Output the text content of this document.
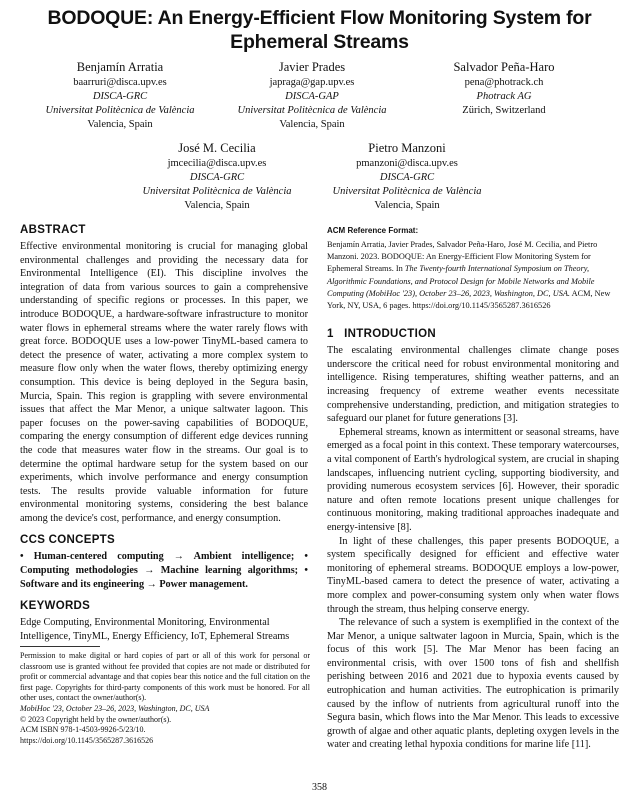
BODOQUE: An Energy-Efficient Flow Monitoring System for Ephemeral Streams
Benjamín Arratia
baarruri@disca.upv.es
DISCA-GRC
Universitat Politècnica de València
Valencia, Spain
Javier Prades
japraga@gap.upv.es
DISCA-GAP
Universitat Politècnica de València
Valencia, Spain
Salvador Peña-Haro
pena@photrack.ch
Photrack AG
Zürich, Switzerland
José M. Cecilia
jmcecilia@disca.upv.es
DISCA-GRC
Universitat Politècnica de València
Valencia, Spain
Pietro Manzoni
pmanzoni@disca.upv.es
DISCA-GRC
Universitat Politècnica de València
Valencia, Spain
ABSTRACT

Effective environmental monitoring is crucial for managing global environmental challenges and providing the necessary data for Environmental Intelligence (EI). This discipline involves the integration of data from various sources to gain a comprehensive understanding of specific regions or processes. In this paper, we introduce BODOQUE, a hardware-software infrastructure to monitor water flows in ephemeral streams where the water rarely flows with great force. BODOQUE uses a low-power TinyML-based camera to detect the presence of water, activating a more complex system to measure flow only when the water flows, thereby optimizing energy consumption. This device is being deployed in the Segura basin, Murcia, Spain. This region is grappling with severe environmental issues that affect the Mar Menor, a unique saltwater lagoon. This paper focuses on the power-saving capabilities of BODOQUE, comparing the energy consumption of different edge devices running the code that measures water flow in the streams. Our goal is to determine the optimal hardware setup for the system based on our experiments, which involve performance and energy consumption tests. The results provide valuable information for future environmental monitoring systems, considering the best balance among the device's cost, performance, and energy consumption.

CCS CONCEPTS

• Human-centered computing → Ambient intelligence; • Computing methodologies → Machine learning algorithms; • Software and its engineering → Power management.

KEYWORDS

Edge Computing, Environmental Monitoring, Environmental Intelligence, TinyML, Energy Efficiency, IoT, Ephemeral Streams

Permission to make digital or hard copies of part or all of this work for personal or classroom use is granted without fee provided that copies are not made or distributed for profit or commercial advantage and that copies bear this notice and the full citation on the first page. Copyrights for third-party components of this work must be honored. For all other uses, contact the owner/author(s).
MobiHoc '23, October 23–26, 2023, Washington, DC, USA
© 2023 Copyright held by the owner/author(s).
ACM ISBN 978-1-4503-9926-5/23/10.
https://doi.org/10.1145/3565287.3616526
ACM Reference Format:
Benjamín Arratia, Javier Prades, Salvador Peña-Haro, José M. Cecilia, and Pietro Manzoni. 2023. BODOQUE: An Energy-Efficient Flow Monitoring System for Ephemeral Streams. In The Twenty-fourth International Symposium on Theory, Algorithmic Foundations, and Protocol Design for Mobile Networks and Mobile Computing (MobiHoc '23), October 23–26, 2023, Washington, DC, USA. ACM, New York, NY, USA, 6 pages. https://doi.org/10.1145/3565287.3616526
1   INTRODUCTION

The escalating environmental challenges climate change poses underscore the critical need for robust environmental monitoring and intelligence. Rising temperatures, shifting weather patterns, and an increasing frequency of extreme weather events necessitate comprehensive understanding, prediction, and mitigation strategies to safeguard our planet for future generations [3].

Ephemeral streams, known as intermittent or seasonal streams, have emerged as a focal point in this context. These temporary watercourses, a vital component of Earth's hydrological system, are crucial in shaping landscapes, influencing nutrient cycling, supporting biodiversity, and providing numerous ecosystem services [6]. However, their sporadic nature and often remote locations present unique challenges for continuous monitoring, making traditional approaches inadequate and energy-intensive [8].

In light of these challenges, this paper presents BODOQUE, a system specifically designed for efficient and effective water monitoring of ephemeral streams. BODOQUE employs a low-power, TinyML-based camera to detect the presence of water, activating a more complex and power-consuming system only when water flows through the stream, thus helping conserve energy.

The relevance of such a system is exemplified in the context of the Mar Menor, a unique saltwater lagoon in Murcia, Spain, which is the focus of this work [5]. The Mar Menor has been facing an environmental crisis, with over 1500 tons of fish and shellfish perishing between 2016 and 2021 due to hypoxia events caused by eutrophication and human activities. The eutrophication is primarily caused by the inflow of nutrients from agricultural runoff into the Segura basin, which flows into the Mar Menor. This leads to excessive growth of algae and other aquatic plants, depleting oxygen levels in the water and creating lethal hypoxia conditions for marine life [11].

358
